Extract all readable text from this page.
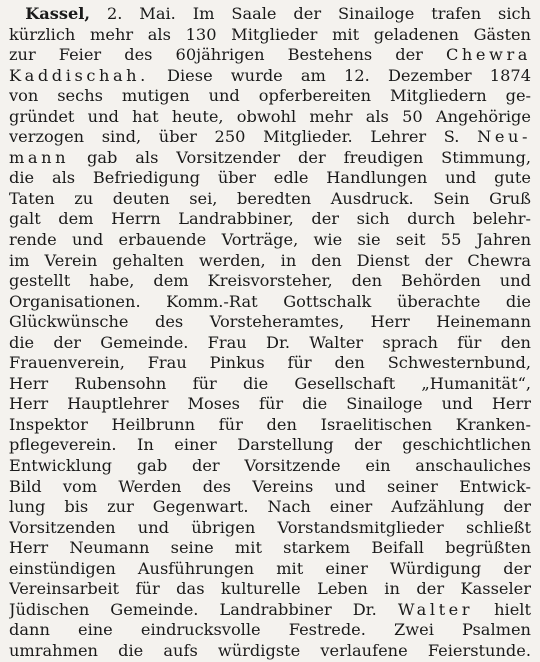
 Kassel, 2. Mai. Im Saale der Sinailoge trafen sich
kürzlich mehr als 130 Mitglieder mit geladenen Gästen
zur Feier des 60jährigen Bestehens der Chewra
Kaddischah. Diese wurde am 12. Dezember 1874
von sechs mutigen und opferbereiten Mitgliedern ge-
gründet und hat heute, obwohl mehr als 50 Angehörige
verzogen sind, über 250 Mitglieder. Lehrer S. Neu-
mann gab als Vorsitzender der freudigen Stimmung,
die als Befriedigung über edle Handlungen und gute
Taten zu deuten sei, beredten Ausdruck. Sein Gruß
galt dem Herrn Landrabbiner, der sich durch belehr-
rende und erbauende Vorträge, wie sie seit 55 Jahren
im Verein gehalten werden, in den Dienst der Chewra
gestellt habe, dem Kreisvorsteher, den Behörden und
Organisationen. Komm.-Rat Gottschalk überachte die
Glückwünsche des Vorsteheramtes, Herr Heinemann
die der Gemeinde. Frau Dr. Walter sprach für den
Frauenverein, Frau Pinkus für den Schwesternbund,
Herr Rubensohn für die Gesellschaft „Humanität“,
Herr Hauptlehrer Moses für die Sinailoge und Herr
Inspektor Heilbrunn für den Israelitischen Kranken-
pflegeverein. In einer Darstellung der geschichtlichen
Entwicklung gab der Vorsitzende ein anschauliches
Bild vom Werden des Vereins und seiner Entwick-
lung bis zur Gegenwart. Nach einer Aufzählung der
Vorsitzenden und übrigen Vorstandsmitglieder schließt
Herr Neumann seine mit starkem Beifall begrüßten
einstündigen Ausführungen mit einer Würdigung der
Vereinsarbeit für das kulturelle Leben in der Kasseler
Jüdischen Gemeinde. Landrabbiner Dr. Walter hielt
dann eine eindrucksvolle Festrede. Zwei Psalmen
umrahmen die aufs würdigste verlaufene Feierstunde.
